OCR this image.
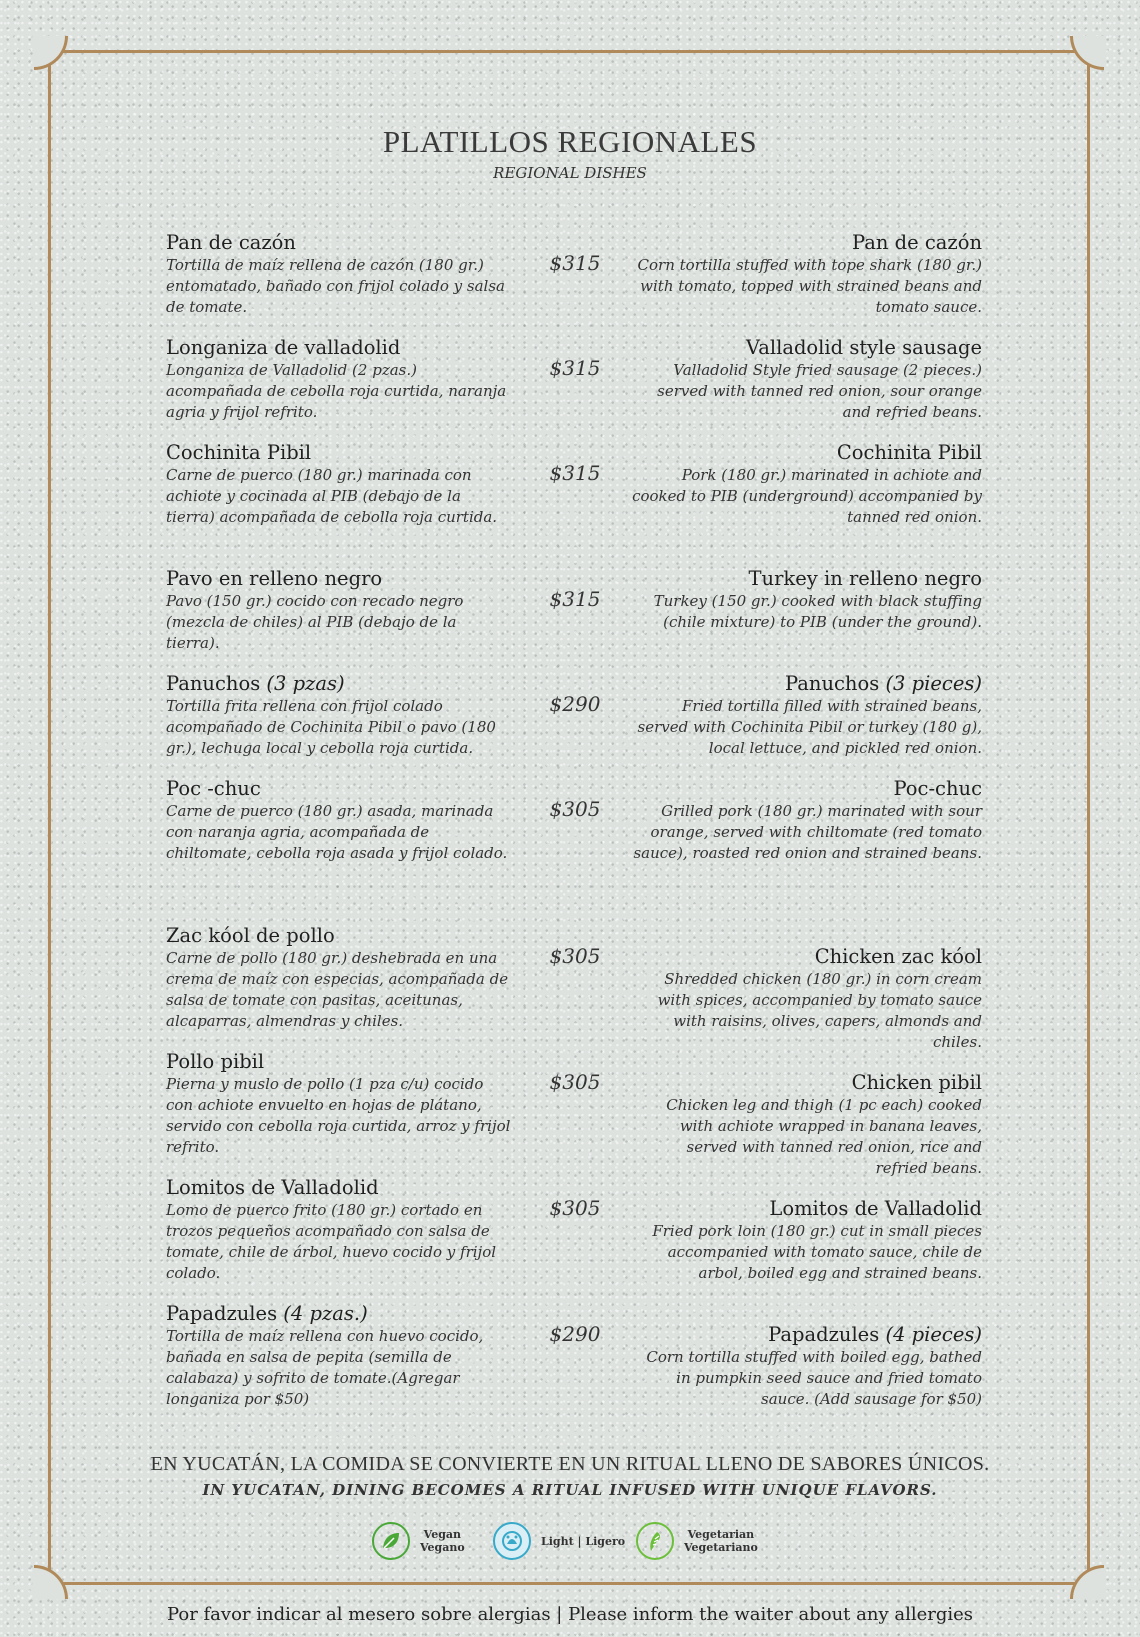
PLATILLOS REGIONALES
REGIONAL DISHES
Pan de cazón
Tortilla de maíz rellena de cazón (180 gr.) entomatado, bañado con frijol colado y salsa de tomate.
$315
Pan de cazón
Corn tortilla stuffed with tope shark (180 gr.) with tomato, topped with strained beans and tomato sauce.
Longaniza de valladolid
Longaniza de Valladolid (2 pzas.) acompañada de cebolla roja curtida, naranja agria y frijol refrito.
$315
Valladolid style sausage
Valladolid Style fried sausage (2 pieces.) served with tanned red onion, sour orange and refried beans.
Cochinita Pibil
Carne de puerco (180 gr.) marinada con achiote y cocinada al PIB (debajo de la tierra) acompañada de cebolla roja curtida.
$315
Cochinita Pibil
Pork (180 gr.) marinated in achiote and cooked to PIB (underground) accompanied by tanned red onion.
Pavo en relleno negro
Pavo (150 gr.) cocido con recado negro (mezcla de chiles) al PIB (debajo de la tierra).
$315
Turkey in relleno negro
Turkey (150 gr.) cooked with black stuffing (chile mixture) to PIB (under the ground).
Panuchos (3 pzas)
Tortilla frita rellena con frijol colado acompañado de Cochinita Pibil o pavo (180 gr.), lechuga local y cebolla roja curtida.
$290
Panuchos (3 pieces)
Fried tortilla filled with strained beans, served with Cochinita Pibil or turkey (180 g), local lettuce, and pickled red onion.
Poc -chuc
Carne de puerco (180 gr.) asada, marinada con naranja agria, acompañada de chiltomate, cebolla roja asada y frijol colado.
$305
Poc-chuc
Grilled pork (180 gr.) marinated with sour orange, served with chiltomate (red tomato sauce), roasted red onion and strained beans.
Zac kóol de pollo
Carne de pollo (180 gr.) deshebrada en una crema de maíz con especias, acompañada de salsa de tomate con pasitas, aceitunas, alcaparras, almendras y chiles.
$305	Chicken zac kóol
Shredded chicken (180 gr.) in corn cream with spices, accompanied by tomato sauce with raisins, olives, capers, almonds and chiles.
Pollo pibil
Pierna y muslo de pollo (1 pza c/u) cocido con achiote envuelto en hojas de plátano, servido con cebolla roja curtida, arroz y frijol refrito.
$305	Chicken pibil
Chicken leg and thigh (1 pc each) cooked with achiote wrapped in banana leaves, served with tanned red onion, rice and refried beans.
Lomitos de Valladolid
Lomo de puerco frito (180 gr.) cortado en trozos pequeños acompañado con salsa de tomate, chile de árbol, huevo cocido y frijol colado.
$305	Lomitos de Valladolid
Fried pork loin (180 gr.) cut in small pieces accompanied with tomato sauce, chile de arbol, boiled egg and strained beans.
Papadzules (4 pzas.)
Tortilla de maíz rellena con huevo cocido, bañada en salsa de pepita (semilla de calabaza) y sofrito de tomate.(Agregar longaniza por $50)
$290	Papadzules (4 pieces)
Corn tortilla stuffed with boiled egg, bathed in pumpkin seed sauce and fried tomato sauce. (Add sausage for $50)
EN YUCATÁN, LA COMIDA SE CONVIERTE EN UN RITUAL LLENO DE SABORES ÚNICOS.
IN YUCATAN, DINING BECOMES A RITUAL INFUSED WITH UNIQUE FLAVORS.
Vegan
Vegano	Light | Ligero	Vegetarian
Vegetariano
Por favor indicar al mesero sobre alergias | Please inform the waiter about any allergies
